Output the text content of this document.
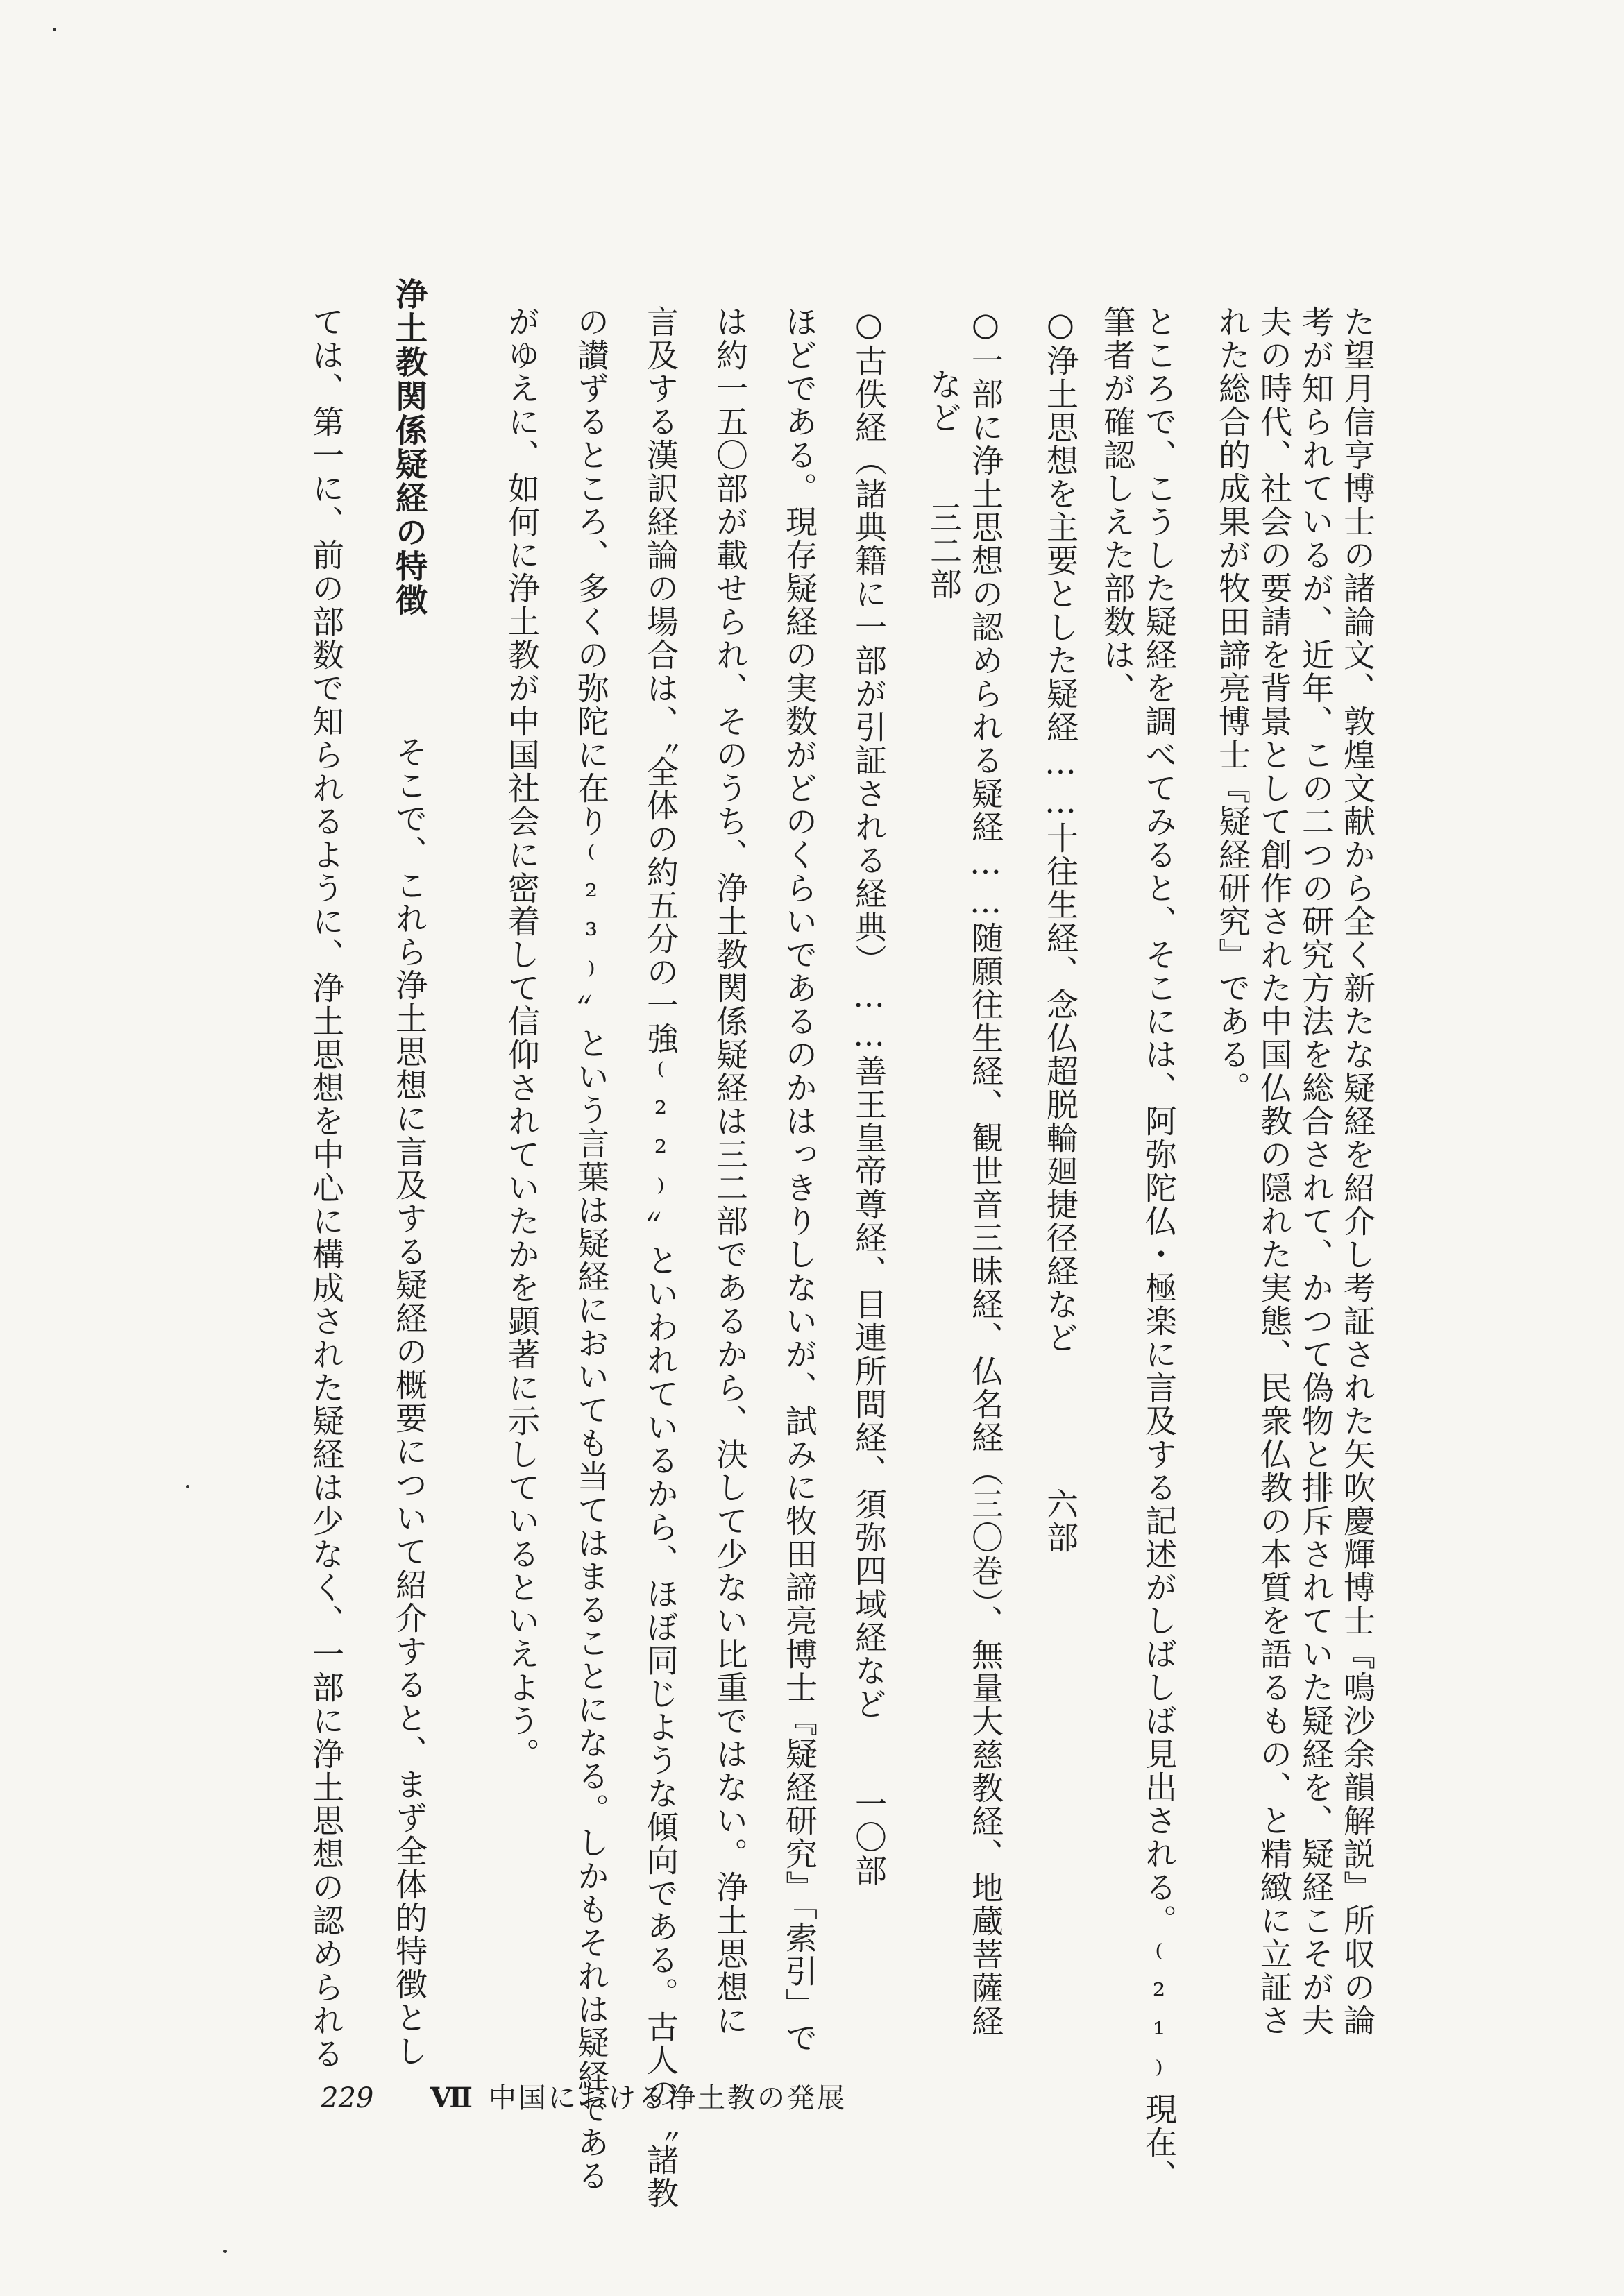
た望月信亨博士の諸論文、敦煌文献から全く新たな疑経を紹介し考証された矢吹慶輝博士『鳴沙余韻解説』所収の論
考が知られているが、近年、この二つの研究方法を総合されて、かつて偽物と排斥されていた疑経を、疑経こそが夫
夫の時代、社会の要請を背景として創作された中国仏教の隠れた実態、民衆仏教の本質を語るもの、と精緻に立証さ
れた総合的成果が牧田諦亮博士『疑経研究』である。
ところで、こうした疑経を調べてみると、そこには、阿弥陀仏・極楽に言及する記述がしばしば見出される。⁽²¹⁾現在、
筆者が確認しえた部数は、
○浄土思想を主要とした疑経……十往生経、念仏超脱輪廻捷径経など　　　　六部
○一部に浄土思想の認められる疑経……随願往生経、観世音三昧経、仏名経（三〇巻）、無量大慈教経、地蔵菩薩経
など　　三二部
○古佚経（諸典籍に一部が引証される経典）……善王皇帝尊経、目連所問経、須弥四域経など　　一〇部
ほどである。現存疑経の実数がどのくらいであるのかはっきりしないが、試みに牧田諦亮博士『疑経研究』「索引」で
は約一五〇部が載せられ、そのうち、浄土教関係疑経は三二部であるから、決して少ない比重ではない。浄土思想に
言及する漢訳経論の場合は、〝全体の約五分の一強⁽²²⁾〟といわれているから、ほぼ同じような傾向である。古人の〝諸教
の讃ずるところ、多くの弥陀に在り⁽²³⁾〟という言葉は疑経においても当てはまることになる。しかもそれは疑経である
がゆえに、如何に浄土教が中国社会に密着して信仰されていたかを顕著に示しているといえよう。
浄土教関係疑経の特徴
そこで、これら浄土思想に言及する疑経の概要について紹介すると、まず全体的特徴とし
ては、第一に、前の部数で知られるように、浄土思想を中心に構成された疑経は少なく、一部に浄土思想の認められる
229 Ⅶ 中国における浄土教の発展
